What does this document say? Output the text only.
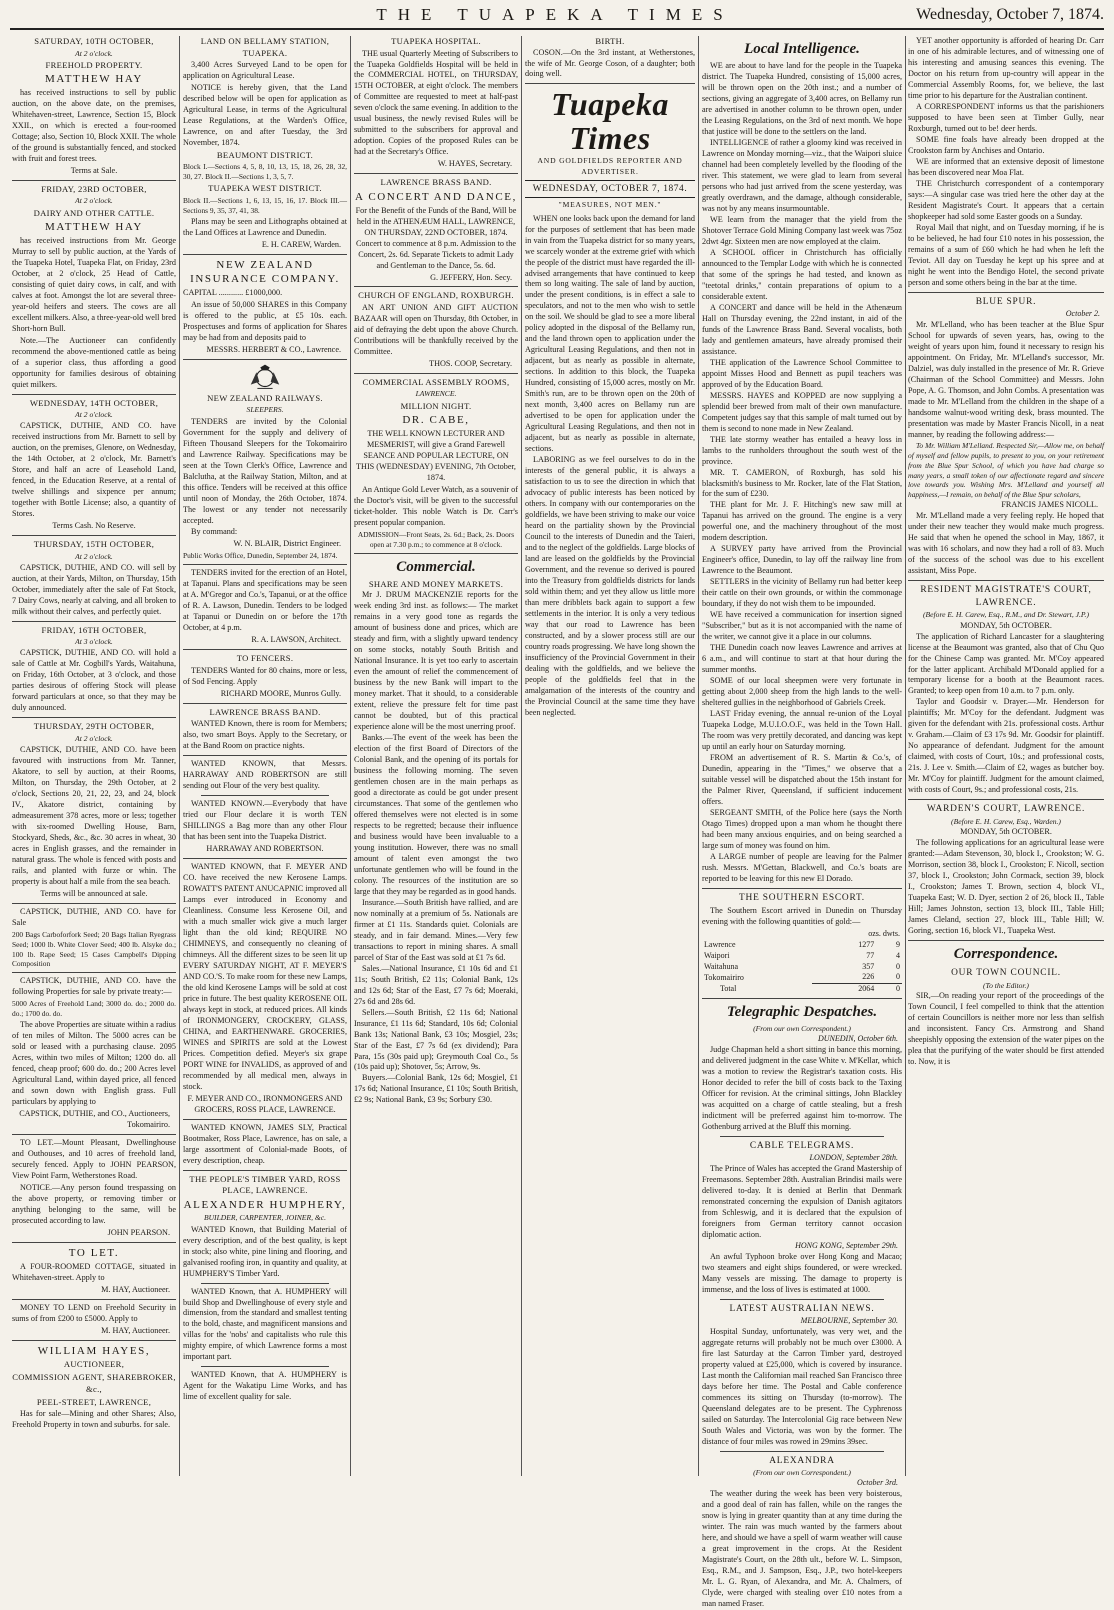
THE TUAPEKA TIMES	Wednesday, October 7, 1874.

SATURDAY, 10TH OCTOBER,

At 2 o'clock.

FREEHOLD PROPERTY.

MATTHEW HAY

has received instructions to sell by public auction, on the above date, on the premises, Whitehaven-street, Lawrence, Section 15, Block XXII., on which is erected a four-roomed Cottage; also, Section 10, Block XXII. The whole of the ground is substantially fenced, and stocked with fruit and forest trees.

Terms at Sale.

FRIDAY, 23RD OCTOBER,

At 2 o'clock.

DAIRY AND OTHER CATTLE.

MATTHEW HAY

has received instructions from Mr. George Murray to sell by public auction, at the Yards of the Tuapeka Hotel, Tuapeka Flat, on Friday, 23rd October, at 2 o'clock, 25 Head of Cattle, consisting of quiet dairy cows, in calf, and with calves at foot. Amongst the lot are several three-year-old heifers and steers. The cows are all excellent milkers. Also, a three-year-old well bred Short-horn Bull.

Note.—The Auctioneer can confidently recommend the above-mentioned cattle as being of a superior class, thus affording a good opportunity for families desirous of obtaining quiet milkers.

WEDNESDAY, 14TH OCTOBER,

At 2 o'clock.

CAPSTICK, DUTHIE, AND CO. have received instructions from Mr. Barnett to sell by auction, on the premises, Glenore, on Wednesday, the 14th October, at 2 o'clock, Mr. Barnett's Store, and half an acre of Leasehold Land, fenced, in the Education Reserve, at a rental of twelve shillings and sixpence per annum; together with Bottle License; also, a quantity of Stores.

Terms Cash. No Reserve.

THURSDAY, 15TH OCTOBER,

At 2 o'clock.

CAPSTICK, DUTHIE, AND CO. will sell by auction, at their Yards, Milton, on Thursday, 15th October, immediately after the sale of Fat Stock, 7 Dairy Cows, nearly at calving, and all broken to milk without their calves, and perfectly quiet.

FRIDAY, 16TH OCTOBER,

At 3 o'clock.

CAPSTICK, DUTHIE, AND CO. will hold a sale of Cattle at Mr. Cogbill's Yards, Waitahuna, on Friday, 16th October, at 3 o'clock, and those parties desirous of offering Stock will please forward particulars at once, so that they may be duly announced.

THURSDAY, 29TH OCTOBER,

At 2 o'clock.

CAPSTICK, DUTHIE, AND CO. have been favoured with instructions from Mr. Tanner, Akatore, to sell by auction, at their Rooms, Milton, on Thursday, the 29th October, at 2 o'clock, Sections 20, 21, 22, 23, and 24, block IV., Akatore district, containing by admeasurement 378 acres, more or less; together with six-roomed Dwelling House, Barn, Stockyard, Sheds, &c., &c. 30 acres in wheat, 30 acres in English grasses, and the remainder in natural grass. The whole is fenced with posts and rails, and planted with furze or whin. The property is about half a mile from the sea beach.

Terms will be announced at sale.

CAPSTICK, DUTHIE, AND CO. have for Sale

200 Bags Carboforfork Seed; 20 Bags Italian Ryegrass Seed; 1000 lb. White Clover Seed; 400 lb. Alsyke do.; 100 lb. Rape Seed; 15 Cases Campbell's Dipping Composition

CAPSTICK, DUTHIE, AND CO. have the following Properties for sale by private treaty:—

5000 Acres of Freehold Land; 3000 do. do.; 2000 do. do.; 1700 do. do.

The above Properties are situate within a radius of ten miles of Milton. The 5000 acres can be sold or leased with a purchasing clause. 2095 Acres, within two miles of Milton; 1200 do. all fenced, cheap proof; 600 do. do.; 200 Acres level Agricultural Land, within dayed price, all fenced and sown down with English grass. Full particulars by applying to

CAPSTICK, DUTHIE, and CO., Auctioneers, Tokomairiro.

TO LET.—Mount Pleasant, Dwellinghouse and Outhouses, and 10 acres of freehold land, securely fenced. Apply to JOHN PEARSON, View Point Farm, Wetherstones Road.

NOTICE.—Any person found trespassing on the above property, or removing timber or anything belonging to the same, will be prosecuted according to law.

JOHN PEARSON.

TO LET.

A FOUR-ROOMED COTTAGE, situated in Whitehaven-street. Apply to

M. HAY, Auctioneer.

MONEY TO LEND on Freehold Security in sums of from £200 to £5000. Apply to

M. HAY, Auctioneer.

WILLIAM HAYES,

AUCTIONEER,

COMMISSION AGENT, SHAREBROKER,

&c.,

PEEL-STREET, LAWRENCE,

Has for sale—Mining and other Shares; Also, Freehold Property in town and suburbs. for sale.

LAND ON BELLAMY STATION, TUAPEKA.

3,400 Acres Surveyed Land to be open for application on Agricultural Lease.

NOTICE is hereby given, that the Land described below will be open for application as Agricultural Lease, in terms of the Agricultural Lease Regulations, at the Warden's Office, Lawrence, on and after Tuesday, the 3rd November, 1874.

BEAUMONT DISTRICT.

Block I.—Sections 4, 5, 8, 10, 13, 15, 18, 26, 28, 32, 30, 27. Block II.—Sections 1, 3, 5, 7.

TUAPEKA WEST DISTRICT.

Block II.—Sections 1, 6, 13, 15, 16, 17. Block III.—Sections 9, 35, 37, 41, 38.

Plans may be seen and Lithographs obtained at the Land Offices at Lawrence and Dunedin.

E. H. CAREW, Warden.

NEW ZEALAND INSURANCE COMPANY.

CAPITAL ............ £1000,000.

An issue of 50,000 SHARES in this Company is offered to the public, at £5 10s. each. Prospectuses and forms of application for Shares may be had from and deposits paid to

MESSRS. HERBERT & CO., Lawrence.

NEW ZEALAND RAILWAYS.

SLEEPERS.

TENDERS are invited by the Colonial Government for the supply and delivery of Fifteen Thousand Sleepers for the Tokomairiro and Lawrence Railway. Specifications may be seen at the Town Clerk's Office, Lawrence and Balclutha, at the Railway Station, Milton, and at this office. Tenders will be received at this office until noon of Monday, the 26th October, 1874. The lowest or any tender not necessarily accepted.

By command:

W. N. BLAIR, District Engineer.

Public Works Office, Dunedin, September 24, 1874.

TENDERS invited for the erection of an Hotel, at Tapanui. Plans and specifications may be seen at A. M'Gregor and Co.'s, Tapanui, or at the office of R. A. Lawson, Dunedin. Tenders to be lodged at Tapanui or Dunedin on or before the 17th October, at 4 p.m.

R. A. LAWSON, Architect.

TO FENCERS.

TENDERS Wanted for 80 chains, more or less, of Sod Fencing. Apply

RICHARD MOORE, Munros Gully.

LAWRENCE BRASS BAND.

WANTED Known, there is room for Members; also, two smart Boys. Apply to the Secretary, or at the Band Room on practice nights.

WANTED KNOWN, that Messrs. HARRAWAY AND ROBERTSON are still sending out Flour of the very best quality.

WANTED KNOWN.—Everybody that have tried our Flour declare it is worth TEN SHILLINGS a Bag more than any other Flour that has been sent into the Tuapeka District.

HARRAWAY AND ROBERTSON.

WANTED KNOWN, that F. MEYER AND CO. have received the new Kerosene Lamps. ROWATT'S PATENT ANUCAPNIC improved all Lamps ever introduced in Economy and Cleanliness. Consume less Kerosene Oil, and with a much smaller wick give a much larger light than the old kind; REQUIRE NO CHIMNEYS, and consequently no cleaning of chimneys. All the different sizes to be seen lit up EVERY SATURDAY NIGHT, AT F. MEYER'S AND CO.'S. To make room for these new Lamps, the old kind Kerosene Lamps will be sold at cost price in future. The best quality KEROSENE OIL always kept in stock, at reduced prices. All kinds of IRONMONGERY, CROCKERY, GLASS, CHINA, and EARTHENWARE. GROCERIES, WINES and SPIRITS are sold at the Lowest Prices. Competition defied. Meyer's six grape PORT WINE for INVALIDS, as approved of and recommended by all medical men, always in stock.

F. MEYER AND CO., IRONMONGERS AND GROCERS, ROSS PLACE, LAWRENCE.

WANTED KNOWN, JAMES SLY, Practical Bootmaker, Ross Place, Lawrence, has on sale, a large assortment of Colonial-made Boots, of every description, cheap.

THE PEOPLE'S TIMBER YARD, ROSS PLACE, LAWRENCE.

ALEXANDER HUMPHERY,

BUILDER, CARPENTER, JOINER, &c.

WANTED Known, that Building Material of every description, and of the best quality, is kept in stock; also white, pine lining and flooring, and galvanised roofing iron, in quantity and quality, at HUMPHERY'S Timber Yard.

WANTED Known, that A. HUMPHERY will build Shop and Dwellinghouse of every style and dimension, from the standard and smallest tenting to the bold, chaste, and magnificent mansions and villas for the 'nobs' and capitalists who rule this mighty empire, of which Lawrence forms a most important part.

WANTED Known, that A. HUMPHERY is Agent for the Wakatipu Lime Works, and has lime of excellent quality for sale.

TUAPEKA HOSPITAL.

THE usual Quarterly Meeting of Subscribers to the Tuapeka Goldfields Hospital will be held in the COMMERCIAL HOTEL, on THURSDAY, 15TH OCTOBER, at eight o'clock. The members of Committee are requested to meet at half-past seven o'clock the same evening. In addition to the usual business, the newly revised Rules will be submitted to the subscribers for approval and adoption. Copies of the proposed Rules can be had at the Secretary's Office.

W. HAYES, Secretary.

LAWRENCE BRASS BAND.

A CONCERT AND DANCE,

For the Benefit of the Funds of the Band, Will be held in the ATHENÆUM HALL, LAWRENCE, ON THURSDAY, 22ND OCTOBER, 1874. Concert to commence at 8 p.m. Admission to the Concert, 2s. 6d. Separate Tickets to admit Lady and Gentleman to the Dance, 5s. 6d.

G. JEFFERY, Hon. Secy.

CHURCH OF ENGLAND, ROXBURGH.

AN ART UNION AND GIFT AUCTION BAZAAR will open on Thursday, 8th October, in aid of defraying the debt upon the above Church. Contributions will be thankfully received by the Committee.

THOS. COOP, Secretary.

COMMERCIAL ASSEMBLY ROOMS,

LAWRENCE.

MILLION NIGHT.

DR. CABE,

THE WELL KNOWN LECTURER AND MESMERIST, will give a Grand Farewell SEANCE AND POPULAR LECTURE, ON THIS (WEDNESDAY) EVENING, 7th October, 1874.

An Antique Gold Lever Watch, as a souvenir of the Doctor's visit, will be given to the successful ticket-holder. This noble Watch is Dr. Carr's present popular companion.

ADMISSION—Front Seats, 2s. 6d.; Back, 2s. Doors open at 7.30 p.m.; to commence at 8 o'clock.

Commercial.

SHARE AND MONEY MARKETS.

Mr J. DRUM MACKENZIE reports for the week ending 3rd inst. as follows:— The market remains in a very good tone as regards the amount of business done and prices, which are steady and firm, with a slightly upward tendency on some stocks, notably South British and National Insurance. It is yet too early to ascertain even the amount of relief the commencement of business by the new Bank will impart to the money market. That it should, to a considerable extent, relieve the pressure felt for time past cannot be doubted, but of this practical experience alone will be the most unerring proof.

Banks.—The event of the week has been the election of the first Board of Directors of the Colonial Bank, and the opening of its portals for business the following morning. The seven gentlemen chosen are in the main perhaps as good a directorate as could be got under present circumstances. That some of the gentlemen who offered themselves were not elected is in some respects to be regretted; because their influence and business would have been invaluable to a young institution. However, there was no small amount of talent even amongst the two unfortunate gentlemen who will be found in the colony. The resources of the institution are so large that they may be regarded as in good hands.

Insurance.—South British have rallied, and are now nominally at a premium of 5s. Nationals are firmer at £1 11s. Standards quiet. Colonials are steady, and in fair demand. Mines.—Very few transactions to report in mining shares. A small parcel of Star of the East was sold at £1 7s 6d.

Sales.—National Insurance, £1 10s 6d and £1 11s; South British, £2 11s; Colonial Bank, 12s and 12s 6d; Star of the East, £7 7s 6d; Moeraki, 27s 6d and 28s 6d.

Sellers.—South British, £2 11s 6d; National Insurance, £1 11s 6d; Standard, 10s 6d; Colonial Bank 13s; National Bank, £3 10s; Mosgiel, 23s; Star of the East, £7 7s 6d (ex dividend); Para Para, 15s (30s paid up); Greymouth Coal Co., 5s (10s paid up); Shotover, 5s; Arrow, 9s.

Buyers.—Colonial Bank, 12s 6d; Mosgiel, £1 17s 6d; National Insurance, £1 10s; South British, £2 9s; National Bank, £3 9s; Sorbury £30.

BIRTH.

COSON.—On the 3rd instant, at Wetherstones, the wife of Mr. George Coson, of a daughter; both doing well.

Tuapeka Times

AND GOLDFIELDS REPORTER AND ADVERTISER.

WEDNESDAY, OCTOBER 7, 1874.

"MEASURES, NOT MEN."

WHEN one looks back upon the demand for land for the purposes of settlement that has been made in vain from the Tuapeka district for so many years, we scarcely wonder at the extreme grief with which the people of the district must have regarded the ill-advised arrangements that have continued to keep them so long waiting. The sale of land by auction, under the present conditions, is in effect a sale to speculators, and not to the men who wish to settle on the soil. We should be glad to see a more liberal policy adopted in the disposal of the Bellamy run, and the land thrown open to application under the Agricultural Leasing Regulations, and then not in adjacent, but as nearly as possible in alternate, sections. In addition to this block, the Tuapeka Hundred, consisting of 15,000 acres, mostly on Mr. Smith's run, are to be thrown open on the 20th of next month, 3,400 acres on Bellamy run are advertised to be open for application under the Agricultural Leasing Regulations, and then not in adjacent, but as nearly as possible in alternate, sections.

LABORING as we feel ourselves to do in the interests of the general public, it is always a satisfaction to us to see the direction in which that advocacy of public interests has been noticed by others. In company with our contemporaries on the goldfields, we have been striving to make our voice heard on the partiality shown by the Provincial Council to the interests of Dunedin and the Taieri, and to the neglect of the goldfields. Large blocks of land are leased on the goldfields by the Provincial Government, and the revenue so derived is poured into the Treasury from goldfields districts for lands sold within them; and yet they allow us little more than mere dribblets back again to support a few settlements in the interior. It is only a very tedious way that our road to Lawrence has been constructed, and by a slower process still are our country roads progressing. We have long shown the insufficiency of the Provincial Government in their dealing with the goldfields, and we believe the people of the goldfields feel that in the amalgamation of the interests of the country and the Provincial Council at the same time they have been neglected.

Local Intelligence.

WE are about to have land for the people in the Tuapeka district. The Tuapeka Hundred, consisting of 15,000 acres, will be thrown open on the 20th inst.; and a number of sections, giving an aggregate of 3,400 acres, on Bellamy run are advertised in another column to be thrown open, under the Leasing Regulations, on the 3rd of next month. We hope that justice will be done to the settlers on the land.

INTELLIGENCE of rather a gloomy kind was received in Lawrence on Monday morning—viz., that the Waipori sluice channel had been completely levelled by the flooding of the river. This statement, we were glad to learn from several persons who had just arrived from the scene yesterday, was greatly overdrawn, and the damage, although considerable, was not by any means insurmountable.

WE learn from the manager that the yield from the Shotover Terrace Gold Mining Company last week was 75oz 2dwt 4gr. Sixteen men are now employed at the claim.

A SCHOOL officer in Christchurch has officially announced to the Templar Lodge with which he is connected that some of the springs he had tested, and known as "teetotal drinks," contain preparations of opium to a considerable extent.

A CONCERT and dance will be held in the Athenæum Hall on Thursday evening, the 22nd instant, in aid of the funds of the Lawrence Brass Band. Several vocalists, both lady and gentlemen amateurs, have already promised their assistance.

THE application of the Lawrence School Committee to appoint Misses Hood and Bennett as pupil teachers was approved of by the Education Board.

MESSRS. HAYES and KOPPED are now supplying a splendid beer brewed from malt of their own manufacture. Competent judges say that this sample of malt turned out by them is second to none made in New Zealand.

THE late stormy weather has entailed a heavy loss in lambs to the runholders throughout the south west of the province.

MR. T. CAMERON, of Roxburgh, has sold his blacksmith's business to Mr. Rocker, late of the Flat Station, for the sum of £230.

THE plant for Mr. J. F. Hitching's new saw mill at Tapanui has arrived on the ground. The engine is a very powerful one, and the machinery throughout of the most modern description.

A SURVEY party have arrived from the Provincial Engineer's office, Dunedin, to lay off the railway line from Lawrence to the Beaumont.

SETTLERS in the vicinity of Bellamy run had better keep their cattle on their own grounds, or within the commonage boundary, if they do not wish them to be impounded.

WE have received a communication for insertion signed "Subscriber," but as it is not accompanied with the name of the writer, we cannot give it a place in our columns.

THE Dunedin coach now leaves Lawrence and arrives at 6 a.m., and will continue to start at that hour during the summer months.

SOME of our local sheepmen were very fortunate in getting about 2,000 sheep from the high lands to the well-sheltered gullies in the neighborhood of Gabriels Creek.

LAST Friday evening, the annual re-union of the Loyal Tuapeka Lodge, M.U.I.O.O.F., was held in the Town Hall. The room was very prettily decorated, and dancing was kept up until an early hour on Saturday morning.

FROM an advertisement of R. S. Martin & Co.'s, of Dunedin, appearing in the "Times," we observe that a suitable vessel will be dispatched about the 15th instant for the Palmer River, Queensland, if sufficient inducement offers.

SERGEANT SMITH, of the Police here (says the North Otago Times) dropped upon a man whom he thought there had been many anxious enquiries, and on being searched a large sum of money was found on him.

A LARGE number of people are leaving for the Palmer rush. Messrs. M'Gettan, Blackwell, and Co.'s boats are reported to be leaving for this new El Dorado.

THE SOUTHERN ESCORT.

The Southern Escort arrived in Dunedin on Thursday evening with the following quantities of gold:—

	ozs. dwts.	
Lawrence	1277	9
Waipori	77	4
Waitahuna	357	0
Tokomairiro	226	0
Total	2064	0

Telegraphic Despatches.

(From our own Correspondent.)

DUNEDIN, October 6th.

Judge Chapman held a short sitting in bance this morning, and delivered judgment in the case White v. M'Kellar, which was a motion to review the Registrar's taxation costs. His Honor decided to refer the bill of costs back to the Taxing Officer for revision. At the criminal sittings, John Blackley was acquitted on a charge of cattle stealing, but a fresh indictment will be preferred against him to-morrow. The Gothenburg arrived at the Bluff this morning.

CABLE TELEGRAMS.

LONDON, September 28th.

The Prince of Wales has accepted the Grand Mastership of Freemasons. September 28th. Australian Brindisi mails were delivered to-day. It is denied at Berlin that Denmark remonstrated concerning the expulsion of Danish agitators from Schleswig, and it is declared that the expulsion of foreigners from German territory cannot occasion diplomatic action.

HONG KONG, September 29th.

An awful Typhoon broke over Hong Kong and Macao; two steamers and eight ships foundered, or were wrecked. Many vessels are missing. The damage to property is immense, and the loss of lives is estimated at 1000.

LATEST AUSTRALIAN NEWS.

MELBOURNE, September 30.

Hospital Sunday, unfortunately, was very wet, and the aggregate returns will probably not be much over £3000. A fire last Saturday at the Carron Timber yard, destroyed property valued at £25,000, which is covered by insurance. Last month the Californian mail reached San Francisco three days before her time. The Postal and Cable conference commences its sitting on Thursday (to-morrow). The Queensland delegates are to be present. The Cyphrenoss sailed on Saturday. The Intercolonial Gig race between New South Wales and Victoria, was won by the former. The distance of four miles was rowed in 29mins 39sec.

ALEXANDRA

(From our own Correspondent.)

October 3rd.

The weather during the week has been very boisterous, and a good deal of rain has fallen, while on the ranges the snow is lying in greater quantity than at any time during the winter. The rain was much wanted by the farmers about here, and should we have a spell of warm weather will cause a great improvement in the crops. At the Resident Magistrate's Court, on the 28th ult., before W. L. Simpson, Esq., R.M., and J. Sampson, Esq., J.P., two hotel-keepers Mr. L. G. Ryan, of Alexandra, and Mr. A. Chalmers, of Clyde, were charged with stealing over £10 notes from a man named Fraser.

YET another opportunity is afforded of hearing Dr. Carr in one of his admirable lectures, and of witnessing one of his interesting and amusing seances this evening. The Doctor on his return from up-country will appear in the Commercial Assembly Rooms, for, we believe, the last time prior to his departure for the Australian continent.

A CORRESPONDENT informs us that the parishioners supposed to have been seen at Timber Gully, near Roxburgh, turned out to be! deer herds.

SOME fine foals have already been dropped at the Crookston farm by Anchises and Ontario.

WE are informed that an extensive deposit of limestone has been discovered near Moa Flat.

THE Christchurch correspondent of a contemporary says:—A singular case was tried here the other day at the Resident Magistrate's Court. It appears that a certain shopkeeper had sold some Easter goods on a Sunday.

Royal Mail that night, and on Tuesday morning, if he is to be believed, he had four £10 notes in his possession, the remains of a sum of £60 which he had when he left the Teviot. All day on Tuesday he kept up his spree and at night he went into the Bendigo Hotel, the second private person and some others being in the bar at the time.

BLUE SPUR.

October 2.

Mr. M'Lelland, who has been teacher at the Blue Spur School for upwards of seven years, has, owing to the weight of years upon him, found it necessary to resign his appointment. On Friday, Mr. M'Lelland's successor, Mr. Dalziel, was duly installed in the presence of Mr. R. Grieve (Chairman of the School Committee) and Messrs. John Pope, A. G. Thomson, and John Combs. A presentation was made to Mr. M'Lelland from the children in the shape of a handsome walnut-wood writing desk, brass mounted. The presentation was made by Master Francis Nicoll, in a neat manner, by reading the following address:—

To Mr. William M'Lelland. Respected Sir,—Allow me, on behalf of myself and fellow pupils, to present to you, on your retirement from the Blue Spur School, of which you have had charge so many years, a small token of our affectionate regard and sincere love towards you. Wishing Mrs. M'Lelland and yourself all happiness,—I remain, on behalf of the Blue Spur scholars,

FRANCIS JAMES NICOLL.

Mr. M'Lelland made a very feeling reply. He hoped that under their new teacher they would make much progress. He said that when he opened the school in May, 1867, it was with 16 scholars, and now they had a roll of 83. Much of the success of the school was due to his excellent assistant, Miss Pope.

RESIDENT MAGISTRATE'S COURT, LAWRENCE.

(Before E. H. Carew, Esq., R.M., and Dr. Stewart, J.P.)

MONDAY, 5th OCTOBER.

The application of Richard Lancaster for a slaughtering license at the Beaumont was granted, also that of Chu Quo for the Chinese Camp was granted. Mr. M'Coy appeared for the latter applicant. Archibald M'Donald applied for a temporary license for a booth at the Beaumont races. Granted; to keep open from 10 a.m. to 7 p.m. only.

Taylor and Goodsir v. Drayer.—Mr. Henderson for plaintiffs; Mr. M'Coy for the defendant. Judgment was given for the defendant with 21s. professional costs. Arthur v. Graham.—Claim of £3 17s 9d. Mr. Goodsir for plaintiff. No appearance of defendant. Judgment for the amount claimed, with costs of Court, 10s.; and professional costs, 21s. J. Lee v. Smith.—Claim of £2, wages as butcher boy. Mr. M'Coy for plaintiff. Judgment for the amount claimed, with costs of Court, 9s.; and professional costs, 21s.

WARDEN'S COURT, LAWRENCE.

(Before E. H. Carew, Esq., Warden.)

MONDAY, 5th OCTOBER.

The following applications for an agricultural lease were granted:—Adam Stevenson, 30, block I., Crookston; W. G. Morrison, section 38, block I., Crookston; F. Nicoll, section 37, block I., Crookston; John Cormack, section 39, block I., Crookston; James T. Brown, section 4, block VI., Tuapeka East; W. D. Dyer, section 2 of 26, block II., Table Hill; James Johnston, section 13, block III., Table Hill; James Cleland, section 27, block III., Table Hill; W. Goring, section 16, block VI., Tuapeka West.

Correspondence.

OUR TOWN COUNCIL.

(To the Editor.)

SIR,—On reading your report of the proceedings of the Town Council, I feel compelled to think that the attention of certain Councillors is neither more nor less than selfish and inconsistent. Fancy Crs. Armstrong and Shand sheepishly opposing the extension of the water pipes on the plea that the purifying of the water should be first attended to. Now, it is
